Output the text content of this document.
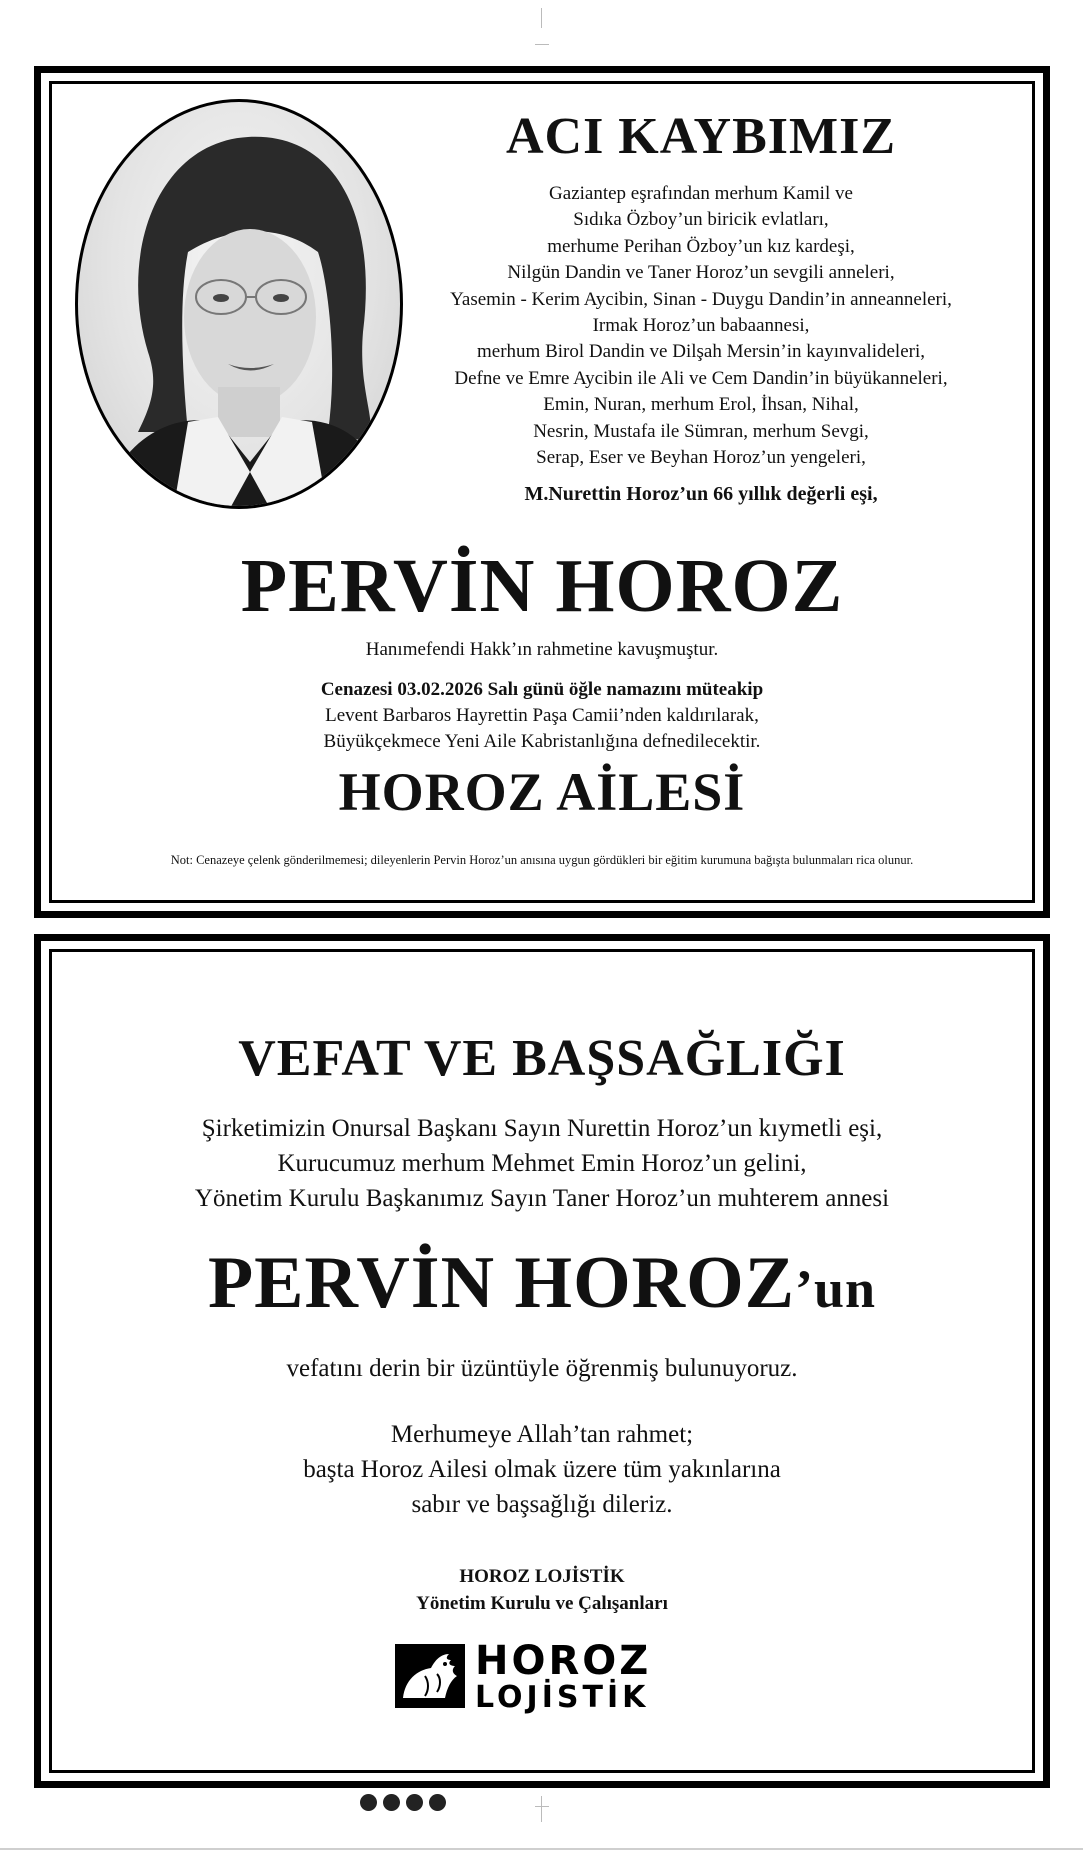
ACI KAYBIMIZ
Gaziantep eşrafından merhum Kamil ve
Sıdıka Özboy’un biricik evlatları,
merhume Perihan Özboy’un kız kardeşi,
Nilgün Dandin ve Taner Horoz’un sevgili anneleri,
Yasemin - Kerim Aycibin, Sinan - Duygu Dandin’in anneanneleri,
Irmak Horoz’un babaannesi,
merhum Birol Dandin ve Dilşah Mersin’in kayınvalideleri,
Defne ve Emre Aycibin ile Ali ve Cem Dandin’in büyükanneleri,
Emin, Nuran, merhum Erol, İhsan, Nihal,
Nesrin, Mustafa ile Sümran, merhum Sevgi,
Serap, Eser ve Beyhan Horoz’un yengeleri,
M.Nurettin Horoz’un 66 yıllık değerli eşi,
PERVİN HOROZ
Hanımefendi Hakk’ın rahmetine kavuşmuştur.
Cenazesi 03.02.2026 Salı günü öğle namazını müteakip
Levent Barbaros Hayrettin Paşa Camii’nden kaldırılarak,
Büyükçekmece Yeni Aile Kabristanlığına defnedilecektir.
HOROZ AİLESİ
Not: Cenazeye çelenk gönderilmemesi; dileyenlerin Pervin Horoz’un anısına uygun gördükleri bir eğitim kurumuna bağışta bulunmaları rica olunur.
VEFAT VE BAŞSAĞLIĞI
Şirketimizin Onursal Başkanı Sayın Nurettin Horoz’un kıymetli eşi,
Kurucumuz merhum Mehmet Emin Horoz’un gelini,
Yönetim Kurulu Başkanımız Sayın Taner Horoz’un muhterem annesi
PERVİN HOROZ’un
vefatını derin bir üzüntüyle öğrenmiş bulunuyoruz.
Merhumeye Allah’tan rahmet;
başta Horoz Ailesi olmak üzere tüm yakınlarına
sabır ve başsağlığı dileriz.
HOROZ LOJİSTİK
Yönetim Kurulu ve Çalışanları
HOROZ
LOJİSTİK
